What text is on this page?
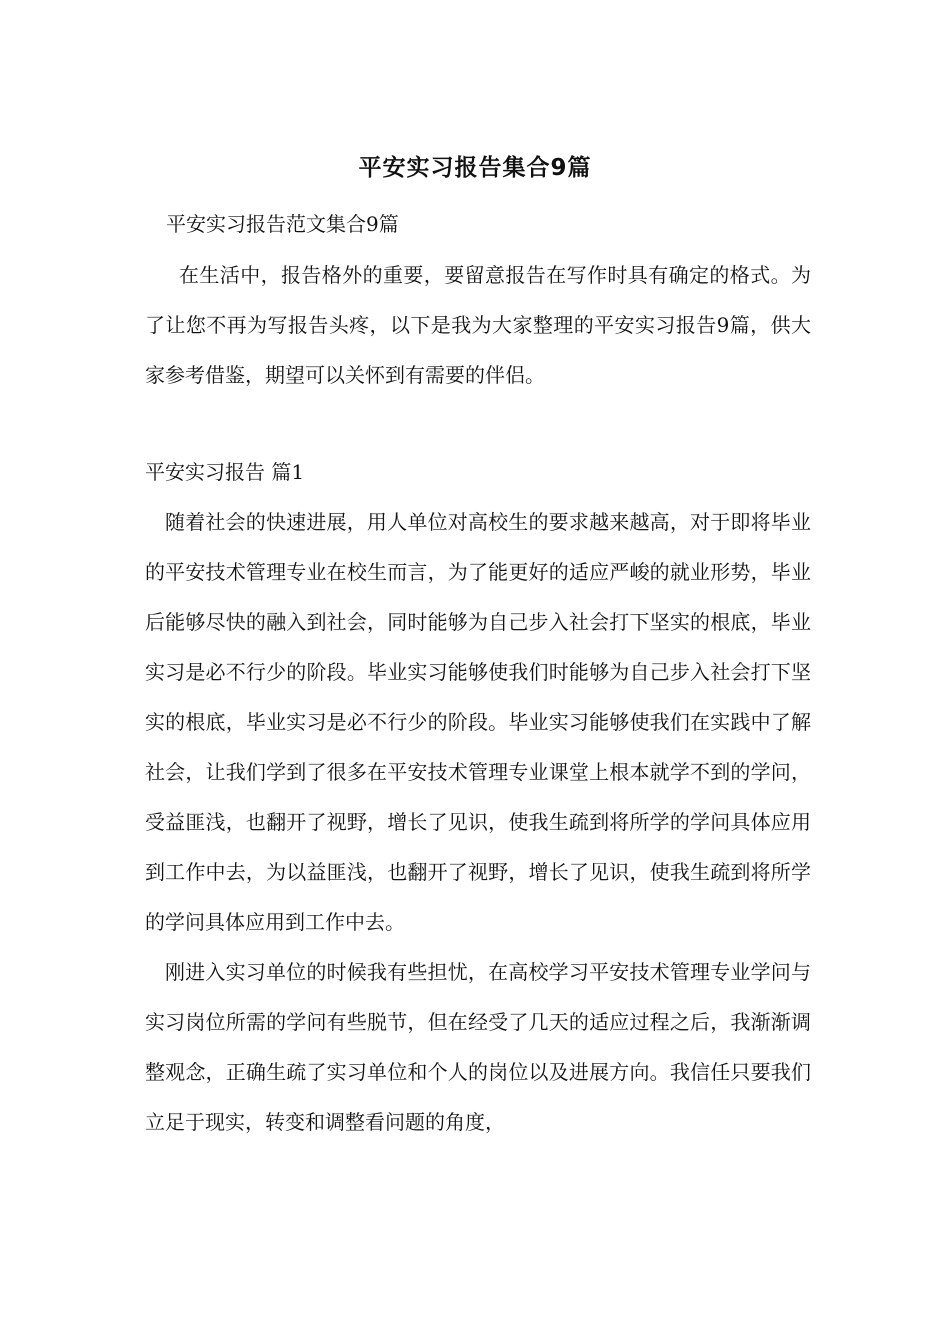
平安实习报告集合9篇
平安实习报告范文集合9篇

在生活中，报告格外的重要，要留意报告在写作时具有确定的格式。为了让您不再为写报告头疼，以下是我为大家整理的平安实习报告9篇，供大家参考借鉴，期望可以关怀到有需要的伴侣。

平安实习报告 篇1

随着社会的快速进展，用人单位对高校生的要求越来越高，对于即将毕业的平安技术管理专业在校生而言，为了能更好的适应严峻的就业形势，毕业后能够尽快的融入到社会，同时能够为自己步入社会打下坚实的根底，毕业实习是必不行少的阶段。毕业实习能够使我们时能够为自己步入社会打下坚实的根底，毕业实习是必不行少的阶段。毕业实习能够使我们在实践中了解社会，让我们学到了很多在平安技术管理专业课堂上根本就学不到的学问，受益匪浅，也翻开了视野，增长了见识，使我生疏到将所学的学问具体应用到工作中去，为以益匪浅，也翻开了视野，增长了见识，使我生疏到将所学的学问具体应用到工作中去。

刚进入实习单位的时候我有些担忧，在高校学习平安技术管理专业学问与实习岗位所需的学问有些脱节，但在经受了几天的适应过程之后，我渐渐调整观念，正确生疏了实习单位和个人的岗位以及进展方向。我信任只要我们立足于现实，转变和调整看问题的角度，
